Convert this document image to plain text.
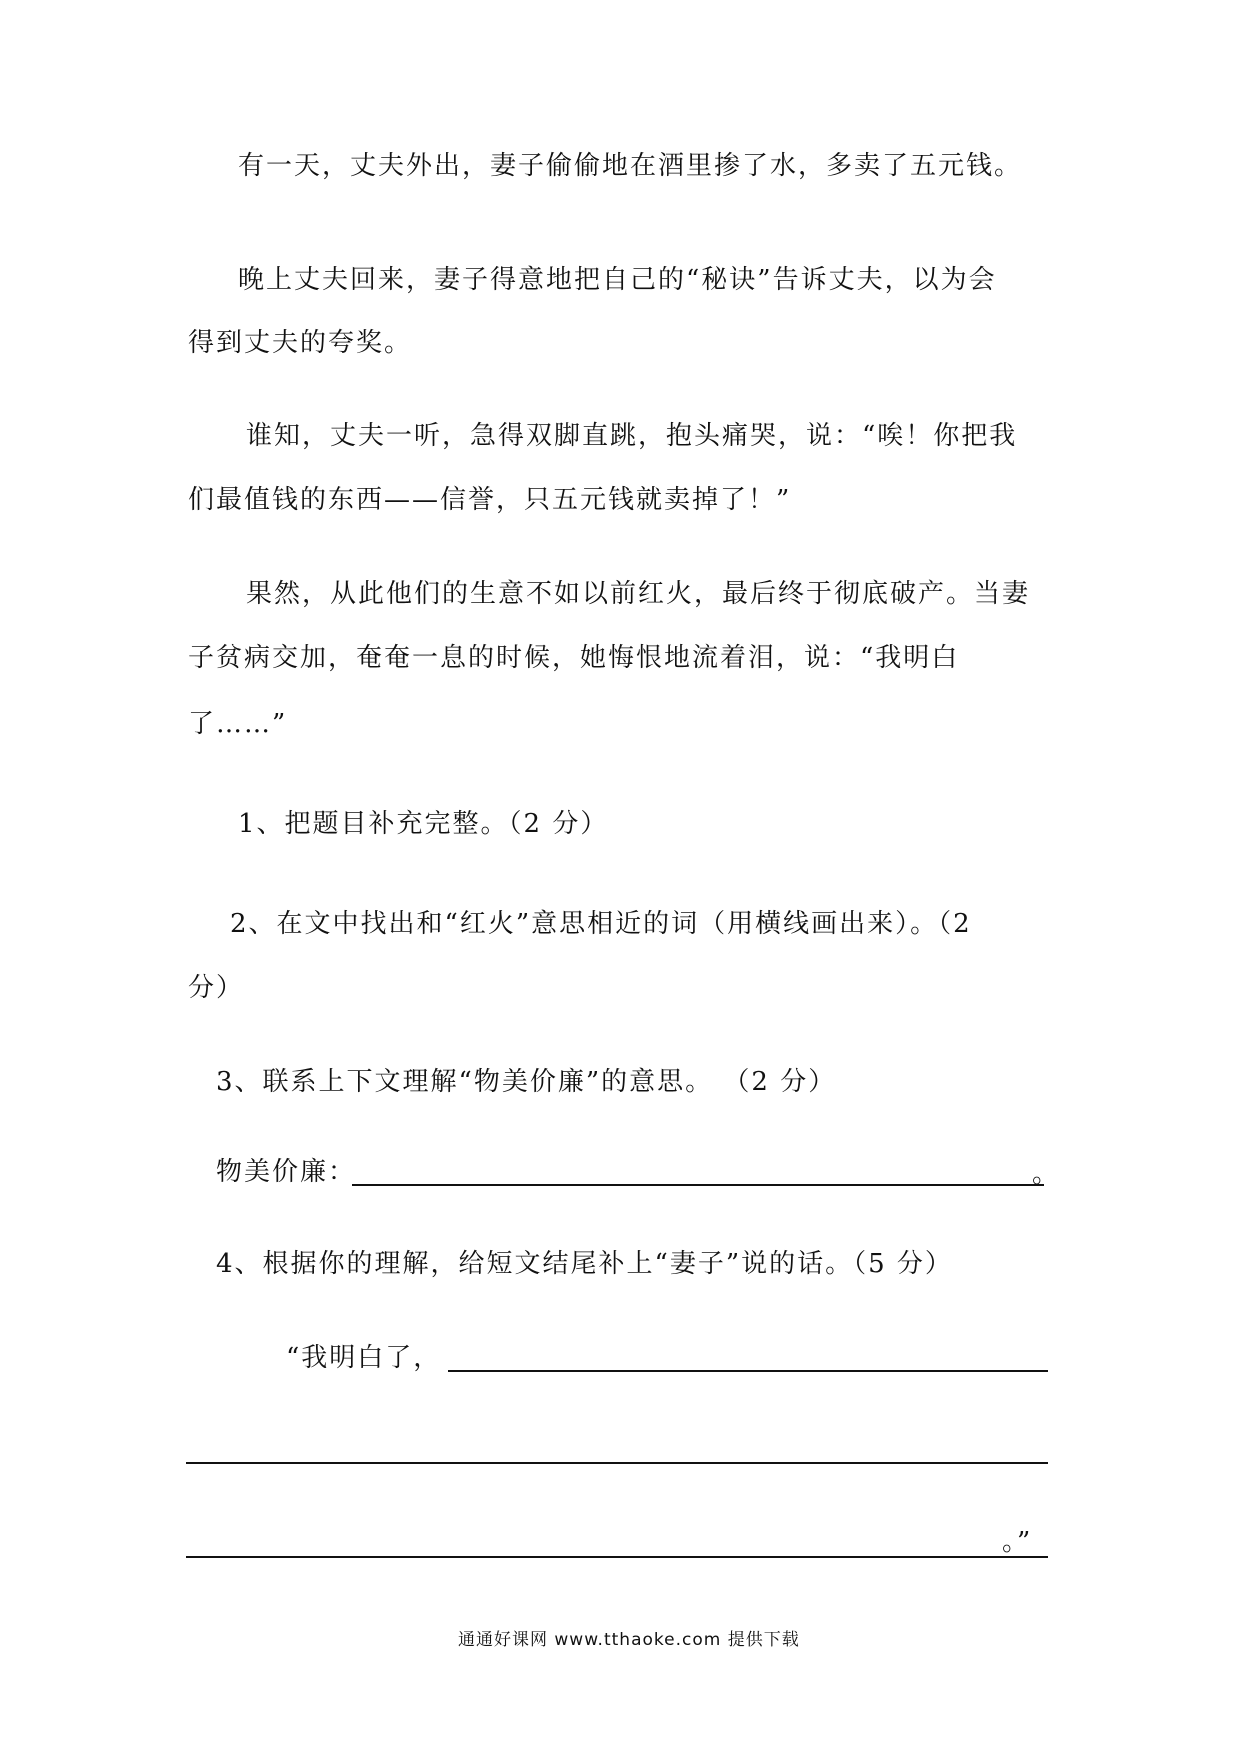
有一天，丈夫外出，妻子偷偷地在酒里掺了水，多卖了五元钱。
晚上丈夫回来，妻子得意地把自己的“秘诀”告诉丈夫，以为会
得到丈夫的夸奖。
谁知，丈夫一听，急得双脚直跳，抱头痛哭，说：“唉！你把我
们最值钱的东西——信誉，只五元钱就卖掉了！”
果然，从此他们的生意不如以前红火，最后终于彻底破产。当妻
子贫病交加，奄奄一息的时候，她悔恨地流着泪，说：“我明白
了……”
1、把题目补充完整。（2 分）
2、在文中找出和“红火”意思相近的词（用横线画出来）。（2
分）
3、联系上下文理解“物美价廉”的意思。 （2 分）
物美价廉：	。
4、根据你的理解，给短文结尾补上“妻子”说的话。（5 分）
“我明白了，
。”
通通好课网 www.tthaoke.com 提供下载
